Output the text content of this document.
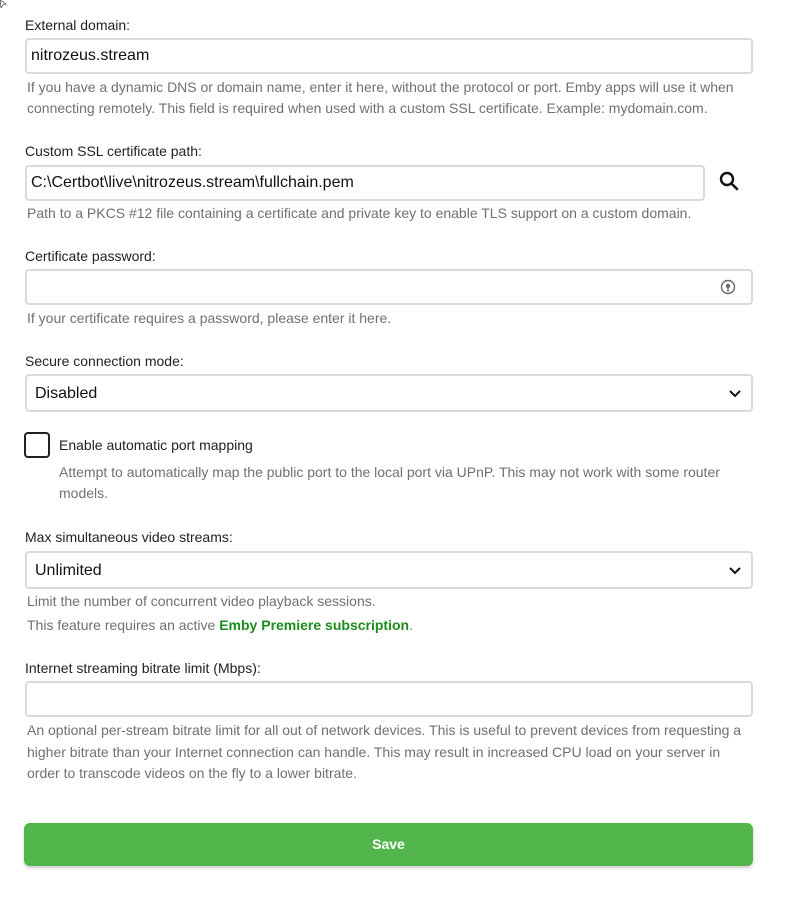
External domain:
nitrozeus.stream
If you have a dynamic DNS or domain name, enter it here, without the protocol or port. Emby apps will use it when connecting remotely. This field is required when used with a custom SSL certificate. Example: mydomain.com.
Custom SSL certificate path:
C:\Certbot\live\nitrozeus.stream\fullchain.pem
Path to a PKCS #12 file containing a certificate and private key to enable TLS support on a custom domain.
Certificate password:
If your certificate requires a password, please enter it here.
Secure connection mode:
Disabled
Enable automatic port mapping
Attempt to automatically map the public port to the local port via UPnP. This may not work with some router models.
Max simultaneous video streams:
Unlimited
Limit the number of concurrent video playback sessions.
This feature requires an active Emby Premiere subscription.
Internet streaming bitrate limit (Mbps):
An optional per-stream bitrate limit for all out of network devices. This is useful to prevent devices from requesting a higher bitrate than your Internet connection can handle. This may result in increased CPU load on your server in order to transcode videos on the fly to a lower bitrate.
Save
